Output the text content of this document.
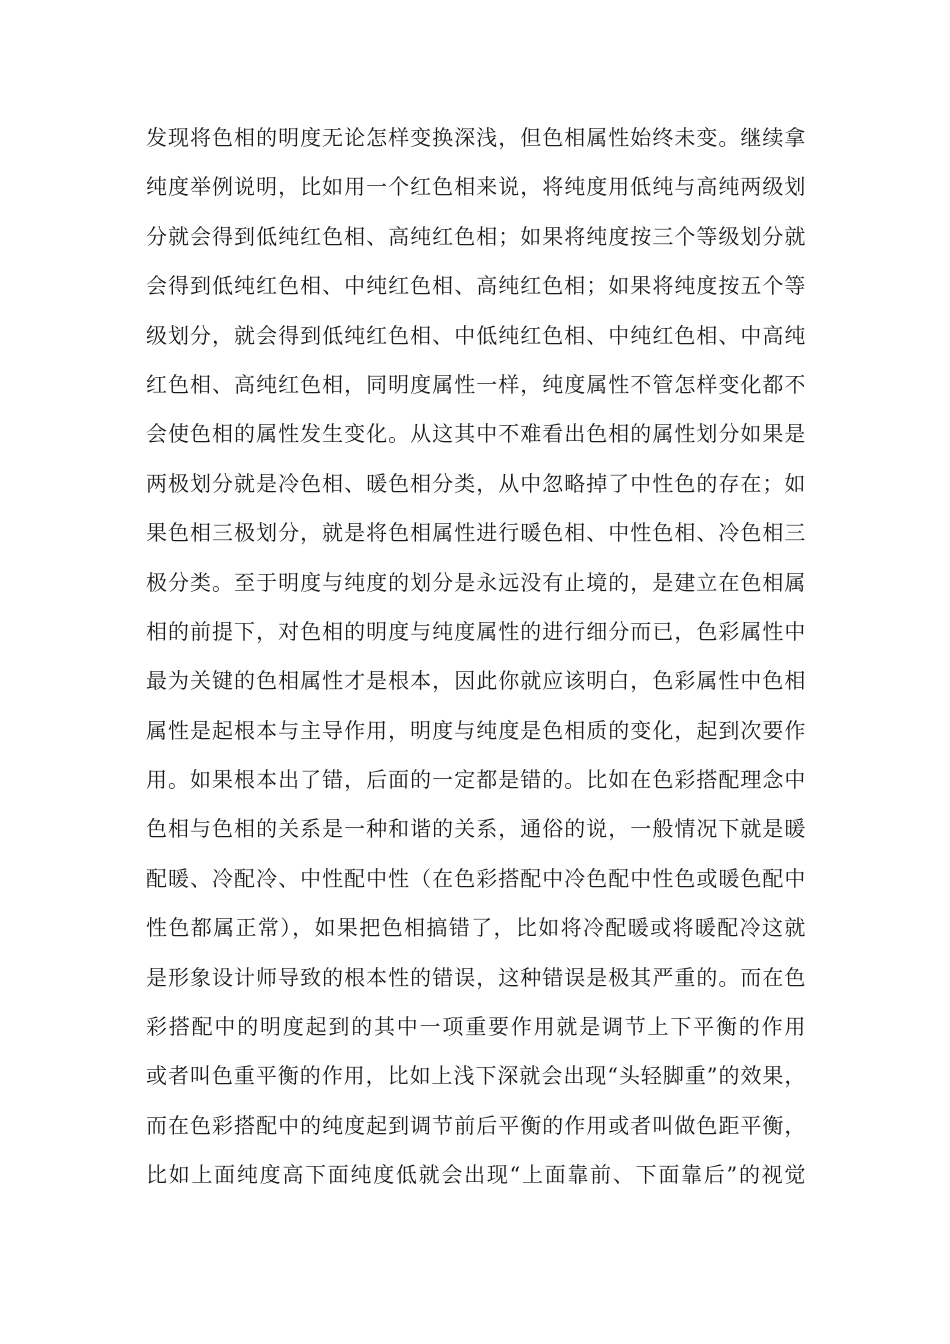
发现将色相的明度无论怎样变换深浅，但色相属性始终未变。继续拿
纯度举例说明，比如用一个红色相来说，将纯度用低纯与高纯两级划
分就会得到低纯红色相、高纯红色相；如果将纯度按三个等级划分就
会得到低纯红色相、中纯红色相、高纯红色相；如果将纯度按五个等
级划分，就会得到低纯红色相、中低纯红色相、中纯红色相、中高纯
红色相、高纯红色相，同明度属性一样，纯度属性不管怎样变化都不
会使色相的属性发生变化。从这其中不难看出色相的属性划分如果是
两极划分就是冷色相、暖色相分类，从中忽略掉了中性色的存在；如
果色相三极划分，就是将色相属性进行暖色相、中性色相、冷色相三
极分类。至于明度与纯度的划分是永远没有止境的，是建立在色相属
相的前提下，对色相的明度与纯度属性的进行细分而已，色彩属性中
最为关键的色相属性才是根本，因此你就应该明白，色彩属性中色相
属性是起根本与主导作用，明度与纯度是色相质的变化，起到次要作
用。如果根本出了错，后面的一定都是错的。比如在色彩搭配理念中
色相与色相的关系是一种和谐的关系，通俗的说，一般情况下就是暖
配暖、冷配冷、中性配中性（在色彩搭配中冷色配中性色或暖色配中
性色都属正常），如果把色相搞错了，比如将冷配暖或将暖配冷这就
是形象设计师导致的根本性的错误，这种错误是极其严重的。而在色
彩搭配中的明度起到的其中一项重要作用就是调节上下平衡的作用
或者叫色重平衡的作用，比如上浅下深就会出现“头轻脚重”的效果，
而在色彩搭配中的纯度起到调节前后平衡的作用或者叫做色距平衡，
比如上面纯度高下面纯度低就会出现“上面靠前、下面靠后”的视觉
